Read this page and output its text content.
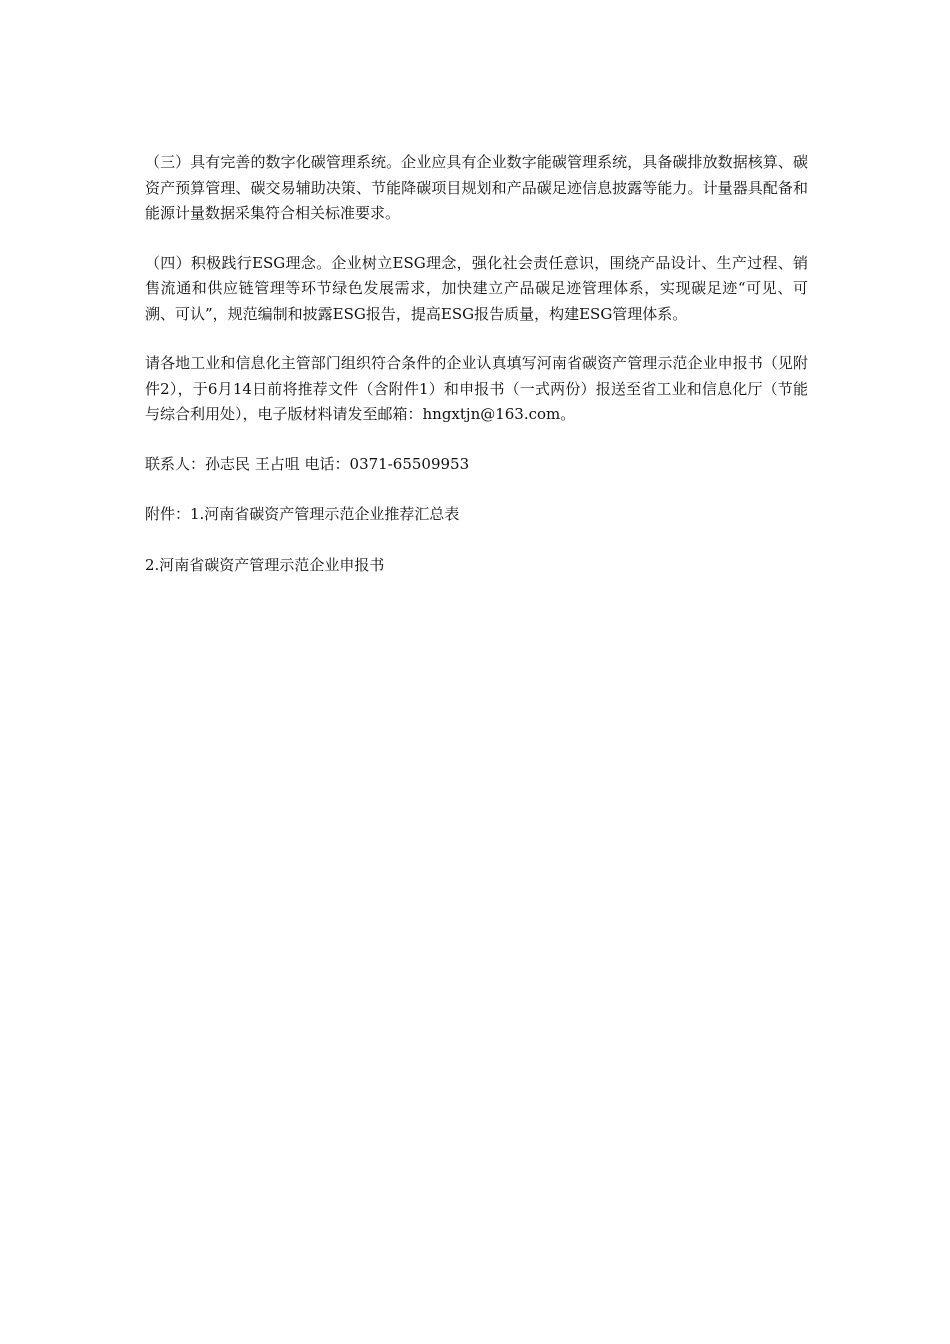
（三）具有完善的数字化碳管理系统。企业应具有企业数字能碳管理系统，具备碳排放数据核算、碳资产预算管理、碳交易辅助决策、节能降碳项目规划和产品碳足迹信息披露等能力。计量器具配备和能源计量数据采集符合相关标准要求。

（四）积极践行ESG理念。企业树立ESG理念，强化社会责任意识，围绕产品设计、生产过程、销售流通和供应链管理等环节绿色发展需求，加快建立产品碳足迹管理体系，实现碳足迹“可见、可溯、可认”，规范编制和披露ESG报告，提高ESG报告质量，构建ESG管理体系。

请各地工业和信息化主管部门组织符合条件的企业认真填写河南省碳资产管理示范企业申报书（见附件2），于6月14日前将推荐文件（含附件1）和申报书（一式两份）报送至省工业和信息化厅（节能与综合利用处），电子版材料请发至邮箱：hngxtjn@163.com。

联系人：孙志民 王占咀 电话：0371-65509953

附件：1.河南省碳资产管理示范企业推荐汇总表

2.河南省碳资产管理示范企业申报书
